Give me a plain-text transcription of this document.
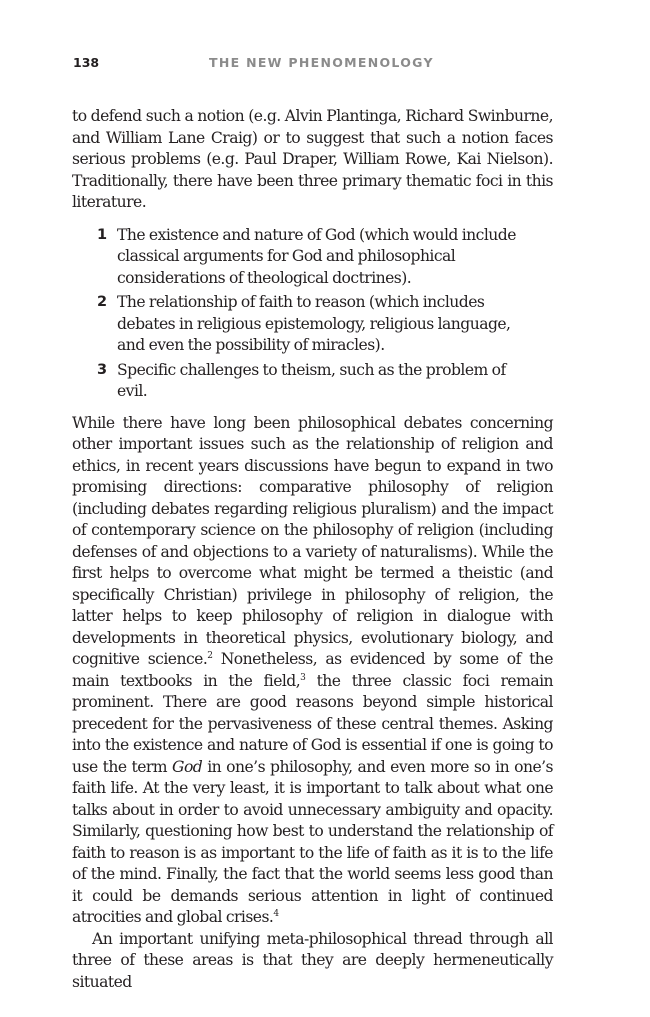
138	THE NEW PHENOMENOLOGY

to defend such a notion (e.g. Alvin Plantinga, Richard Swinburne, and William Lane Craig) or to suggest that such a notion faces serious problems (e.g. Paul Draper, William Rowe, Kai Nielson). Traditionally, there have been three primary thematic foci in this literature.

1 The existence and nature of God (which would include classical arguments for God and philosophical considerations of theological doctrines).
2 The relationship of faith to reason (which includes debates in religious epistemology, religious language, and even the possibility of miracles).
3 Specific challenges to theism, such as the problem of evil.

While there have long been philosophical debates concerning other important issues such as the relationship of religion and ethics, in recent years discussions have begun to expand in two promising directions: comparative philosophy of religion (including debates regarding religious pluralism) and the impact of contemporary science on the philosophy of religion (including defenses of and objections to a variety of naturalisms). While the first helps to overcome what might be termed a theistic (and specifically Christian) privilege in philosophy of religion, the latter helps to keep philosophy of religion in dialogue with developments in theoretical physics, evolutionary biology, and cognitive science.$^2$ Nonetheless, as evidenced by some of the main textbooks in the field,$^3$ the three classic foci remain prominent. There are good reasons beyond simple historical precedent for the pervasiveness of these central themes. Asking into the existence and nature of God is essential if one is going to use the term God in one’s philosophy, and even more so in one’s faith life. At the very least, it is important to talk about what one talks about in order to avoid unnecessary ambiguity and opacity. Similarly, questioning how best to understand the relationship of faith to reason is as important to the life of faith as it is to the life of the mind. Finally, the fact that the world seems less good than it could be demands serious attention in light of continued atrocities and global crises.$^4$

An important unifying meta-philosophical thread through all three of these areas is that they are deeply hermeneutically situated
